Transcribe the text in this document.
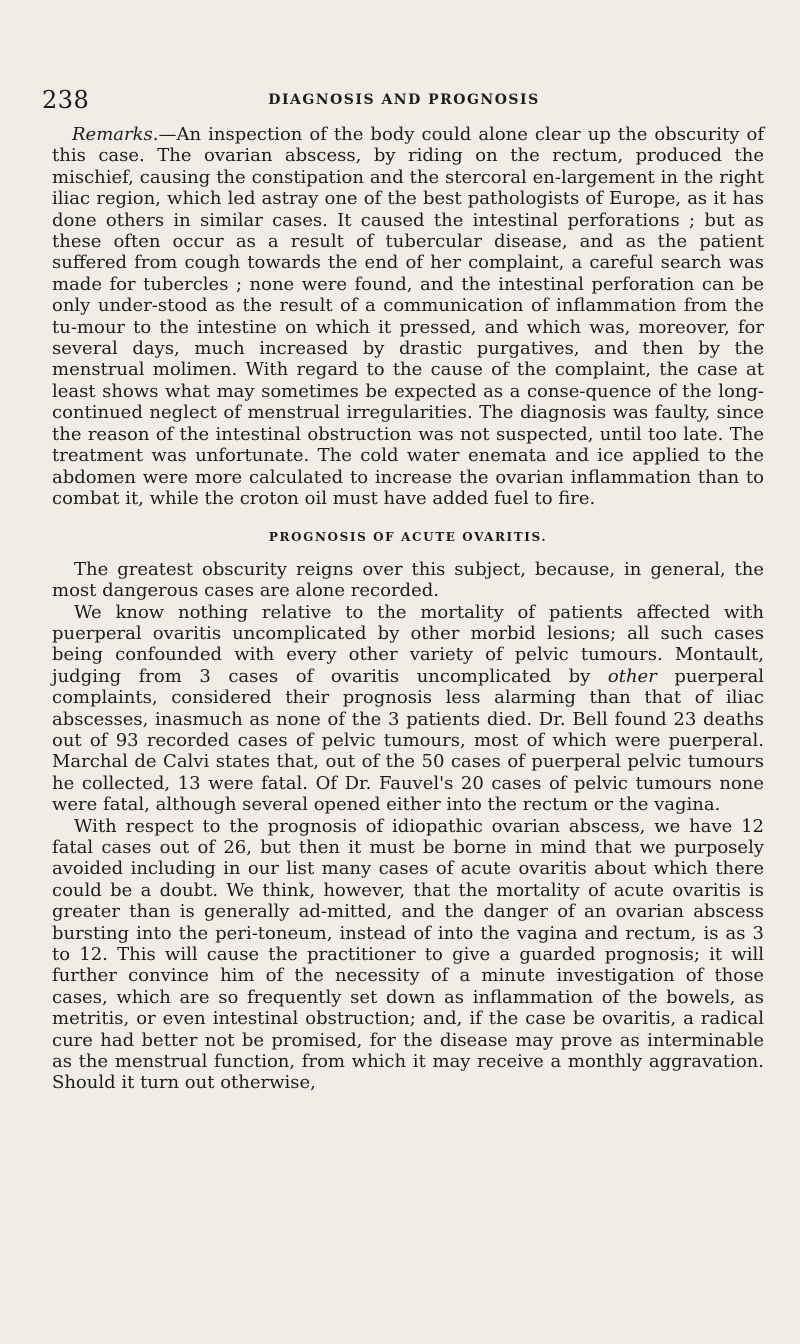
238	DIAGNOSIS AND PROGNOSIS

Remarks.—An inspection of the body could alone clear up the obscurity of this case. The ovarian abscess, by riding on the rectum, produced the mischief, causing the constipation and the stercoral en-largement in the right iliac region, which led astray one of the best pathologists of Europe, as it has done others in similar cases. It caused the intestinal perforations ; but as these often occur as a result of tubercular disease, and as the patient suffered from cough towards the end of her complaint, a careful search was made for tubercles ; none were found, and the intestinal perforation can be only under-stood as the result of a communication of inflammation from the tu-mour to the intestine on which it pressed, and which was, moreover, for several days, much increased by drastic purgatives, and then by the menstrual molimen. With regard to the cause of the complaint, the case at least shows what may sometimes be expected as a conse-quence of the long-continued neglect of menstrual irregularities. The diagnosis was faulty, since the reason of the intestinal obstruction was not suspected, until too late. The treatment was unfortunate. The cold water enemata and ice applied to the abdomen were more calculated to increase the ovarian inflammation than to combat it, while the croton oil must have added fuel to fire.

PROGNOSIS OF ACUTE OVARITIS.

The greatest obscurity reigns over this subject, because, in general, the most dangerous cases are alone recorded.

We know nothing relative to the mortality of patients affected with puerperal ovaritis uncomplicated by other morbid lesions; all such cases being confounded with every other variety of pelvic tumours. Montault, judging from 3 cases of ovaritis uncomplicated by other puerperal complaints, considered their prognosis less alarming than that of iliac abscesses, inasmuch as none of the 3 patients died. Dr. Bell found 23 deaths out of 93 recorded cases of pelvic tumours, most of which were puerperal. Marchal de Calvi states that, out of the 50 cases of puerperal pelvic tumours he collected, 13 were fatal. Of Dr. Fauvel's 20 cases of pelvic tumours none were fatal, although several opened either into the rectum or the vagina.

With respect to the prognosis of idiopathic ovarian abscess, we have 12 fatal cases out of 26, but then it must be borne in mind that we purposely avoided including in our list many cases of acute ovaritis about which there could be a doubt. We think, however, that the mortality of acute ovaritis is greater than is generally ad-mitted, and the danger of an ovarian abscess bursting into the peri-toneum, instead of into the vagina and rectum, is as 3 to 12. This will cause the practitioner to give a guarded prognosis; it will further convince him of the necessity of a minute investigation of those cases, which are so frequently set down as inflammation of the bowels, as metritis, or even intestinal obstruction; and, if the case be ovaritis, a radical cure had better not be promised, for the disease may prove as interminable as the menstrual function, from which it may receive a monthly aggravation. Should it turn out otherwise,
